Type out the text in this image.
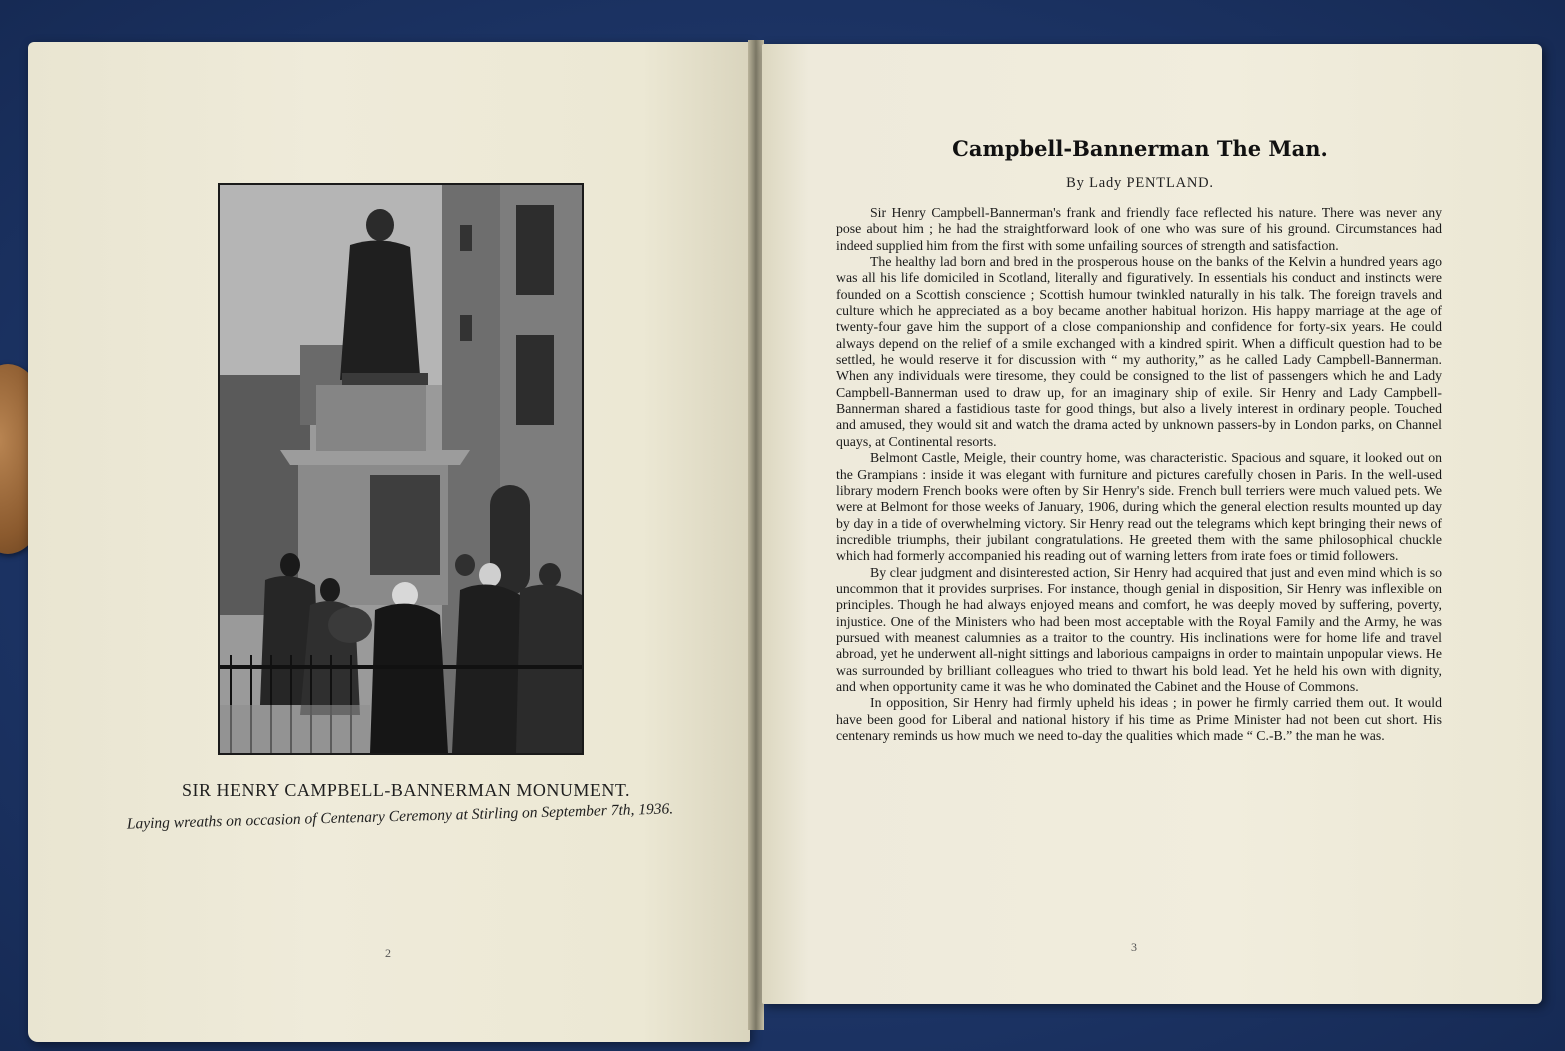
SIR HENRY CAMPBELL-BANNERMAN MONUMENT.
Laying wreaths on occasion of Centenary Ceremony at Stirling on September 7th, 1936.
2
Campbell-Bannerman The Man.
By Lady PENTLAND.

Sir Henry Campbell-Bannerman's frank and friendly face reflected his nature. There was never any pose about him ; he had the straightforward look of one who was sure of his ground. Circumstances had indeed supplied him from the first with some unfailing sources of strength and satisfaction.

The healthy lad born and bred in the prosperous house on the banks of the Kelvin a hundred years ago was all his life domiciled in Scotland, literally and figuratively. In essentials his conduct and instincts were founded on a Scottish conscience ; Scottish humour twinkled naturally in his talk. The foreign travels and culture which he appreciated as a boy became another habitual horizon. His happy marriage at the age of twenty-four gave him the support of a close companionship and confidence for forty-six years. He could always depend on the relief of a smile exchanged with a kindred spirit. When a difficult question had to be settled, he would reserve it for discussion with “ my authority,” as he called Lady Campbell-Bannerman. When any individuals were tiresome, they could be consigned to the list of passengers which he and Lady Campbell-Bannerman used to draw up, for an imaginary ship of exile. Sir Henry and Lady Campbell-Bannerman shared a fastidious taste for good things, but also a lively interest in ordinary people. Touched and amused, they would sit and watch the drama acted by unknown passers-by in London parks, on Channel quays, at Continental resorts.

Belmont Castle, Meigle, their country home, was characteristic. Spacious and square, it looked out on the Grampians : inside it was elegant with furniture and pictures carefully chosen in Paris. In the well-used library modern French books were often by Sir Henry's side. French bull terriers were much valued pets. We were at Belmont for those weeks of January, 1906, during which the general election results mounted up day by day in a tide of overwhelming victory. Sir Henry read out the telegrams which kept bringing their news of incredible triumphs, their jubilant congratulations. He greeted them with the same philosophical chuckle which had formerly accompanied his reading out of warning letters from irate foes or timid followers.

By clear judgment and disinterested action, Sir Henry had acquired that just and even mind which is so uncommon that it provides surprises. For instance, though genial in disposition, Sir Henry was inflexible on principles. Though he had always enjoyed means and comfort, he was deeply moved by suffering, poverty, injustice. One of the Ministers who had been most acceptable with the Royal Family and the Army, he was pursued with meanest calumnies as a traitor to the country. His inclinations were for home life and travel abroad, yet he underwent all-night sittings and laborious campaigns in order to maintain unpopular views. He was surrounded by brilliant colleagues who tried to thwart his bold lead. Yet he held his own with dignity, and when opportunity came it was he who dominated the Cabinet and the House of Commons.

In opposition, Sir Henry had firmly upheld his ideas ; in power he firmly carried them out. It would have been good for Liberal and national history if his time as Prime Minister had not been cut short. His centenary reminds us how much we need to-day the qualities which made “ C.-B.” the man he was.

3
